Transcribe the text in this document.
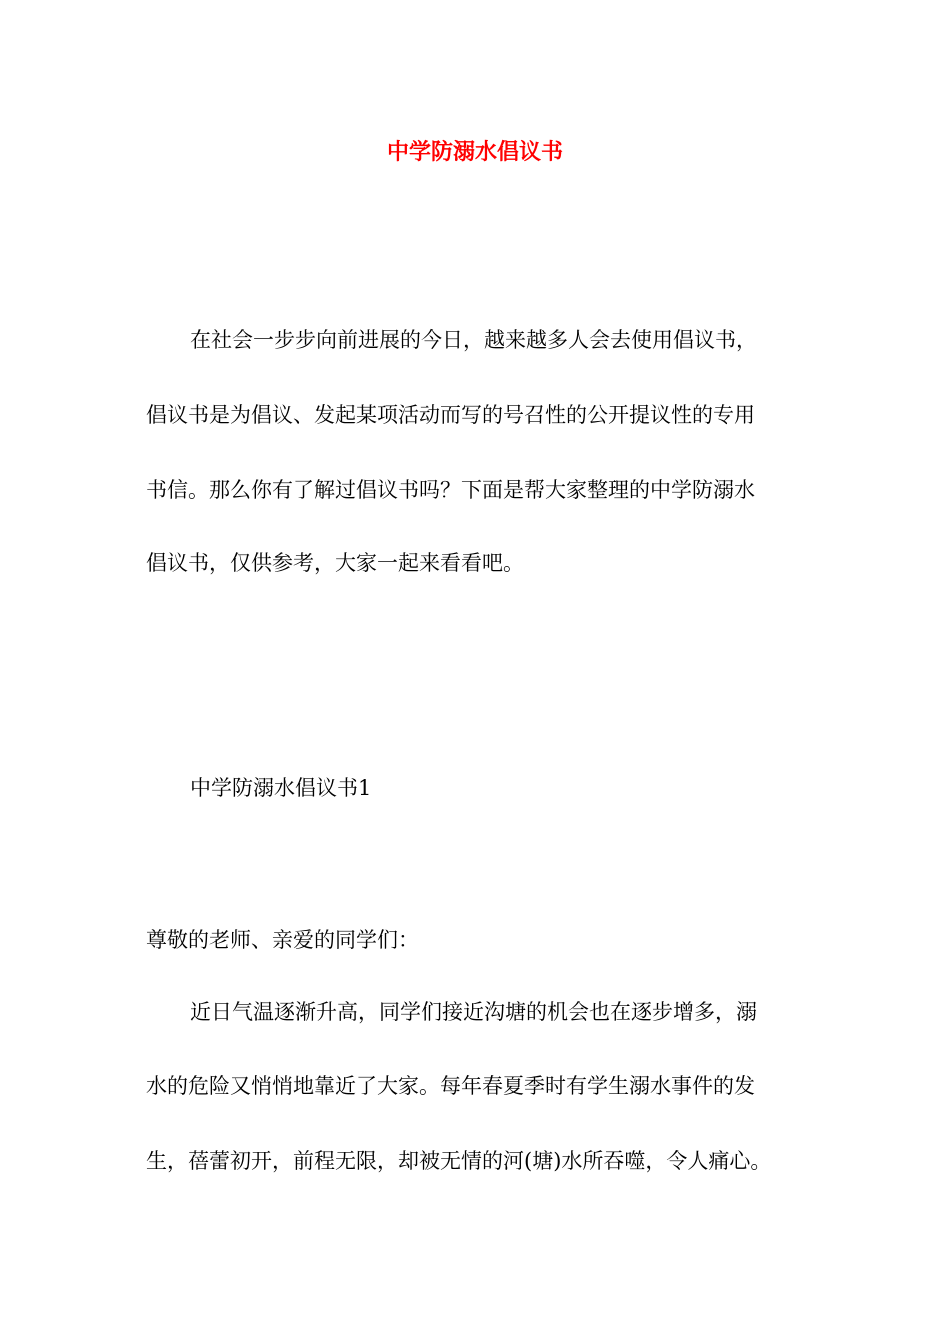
中学防溺水倡议书

在社会一步步向前进展的今日，越来越多人会去使用倡议书，

倡议书是为倡议、发起某项活动而写的号召性的公开提议性的专用

书信。那么你有了解过倡议书吗？下面是帮大家整理的中学防溺水

倡议书，仅供参考，大家一起来看看吧。

中学防溺水倡议书1

尊敬的老师、亲爱的同学们：

近日气温逐渐升高，同学们接近沟塘的机会也在逐步增多，溺

水的危险又悄悄地靠近了大家。每年春夏季时有学生溺水事件的发

生，蓓蕾初开，前程无限，却被无情的河(塘)水所吞噬，令人痛心。
